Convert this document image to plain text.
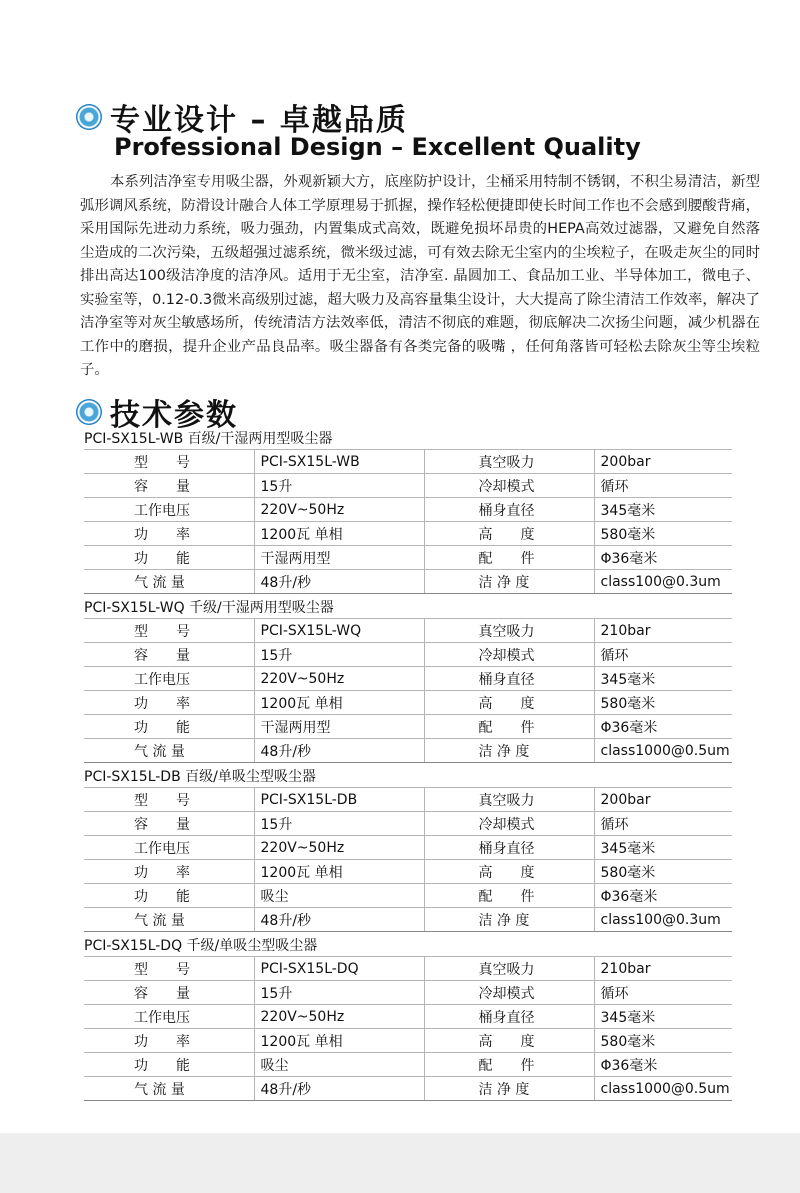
专业设计 – 卓越品质
Professional Design – Excellent Quality

本系列洁净室专用吸尘器，外观新颖大方，底座防护设计，尘桶采用特制不锈钢，不积尘易清洁，新型弧形调风系统，防滑设计融合人体工学原理易于抓握，操作轻松便捷即使长时间工作也不会感到腰酸背痛，采用国际先进动力系统，吸力强劲，内置集成式高效，既避免损坏昂贵的HEPA高效过滤器，又避免自然落尘造成的二次污染，五级超强过滤系统，微米级过滤，可有效去除无尘室内的尘埃粒子，在吸走灰尘的同时排出高达100级洁净度的洁净风。适用于无尘室，洁净室. 晶圆加工、食品加工业、半导体加工，微电子、实验室等，0.12-0.3微米高级别过滤，超大吸力及高容量集尘设计，大大提高了除尘清洁工作效率，解决了洁净室等对灰尘敏感场所，传统清洁方法效率低，清洁不彻底的难题，彻底解决二次扬尘问题，减少机器在工作中的磨损，提升企业产品良品率。吸尘器备有各类完备的吸嘴 ，任何角落皆可轻松去除灰尘等尘埃粒子。

技术参数
PCI-SX15L-WB 百级/干湿两用型吸尘器
型　　号	PCI-SX15L-WB	真空吸力	200bar
容　　量	15升	冷却模式	循环
工作电压	220V~50Hz	桶身直径	345毫米
功　　率	1200瓦 单相	高　　度	580毫米
功　　能	干湿两用型	配　　件	Φ36毫米
气 流 量	48升/秒	洁 净 度	class100@0.3um
PCI-SX15L-WQ 千级/干湿两用型吸尘器
型　　号	PCI-SX15L-WQ	真空吸力	210bar
容　　量	15升	冷却模式	循环
工作电压	220V~50Hz	桶身直径	345毫米
功　　率	1200瓦 单相	高　　度	580毫米
功　　能	干湿两用型	配　　件	Φ36毫米
气 流 量	48升/秒	洁 净 度	class1000@0.5um
PCI-SX15L-DB 百级/单吸尘型吸尘器
型　　号	PCI-SX15L-DB	真空吸力	200bar
容　　量	15升	冷却模式	循环
工作电压	220V~50Hz	桶身直径	345毫米
功　　率	1200瓦 单相	高　　度	580毫米
功　　能	吸尘	配　　件	Φ36毫米
气 流 量	48升/秒	洁 净 度	class100@0.3um
PCI-SX15L-DQ 千级/单吸尘型吸尘器
型　　号	PCI-SX15L-DQ	真空吸力	210bar
容　　量	15升	冷却模式	循环
工作电压	220V~50Hz	桶身直径	345毫米
功　　率	1200瓦 单相	高　　度	580毫米
功　　能	吸尘	配　　件	Φ36毫米
气 流 量	48升/秒	洁 净 度	class1000@0.5um
